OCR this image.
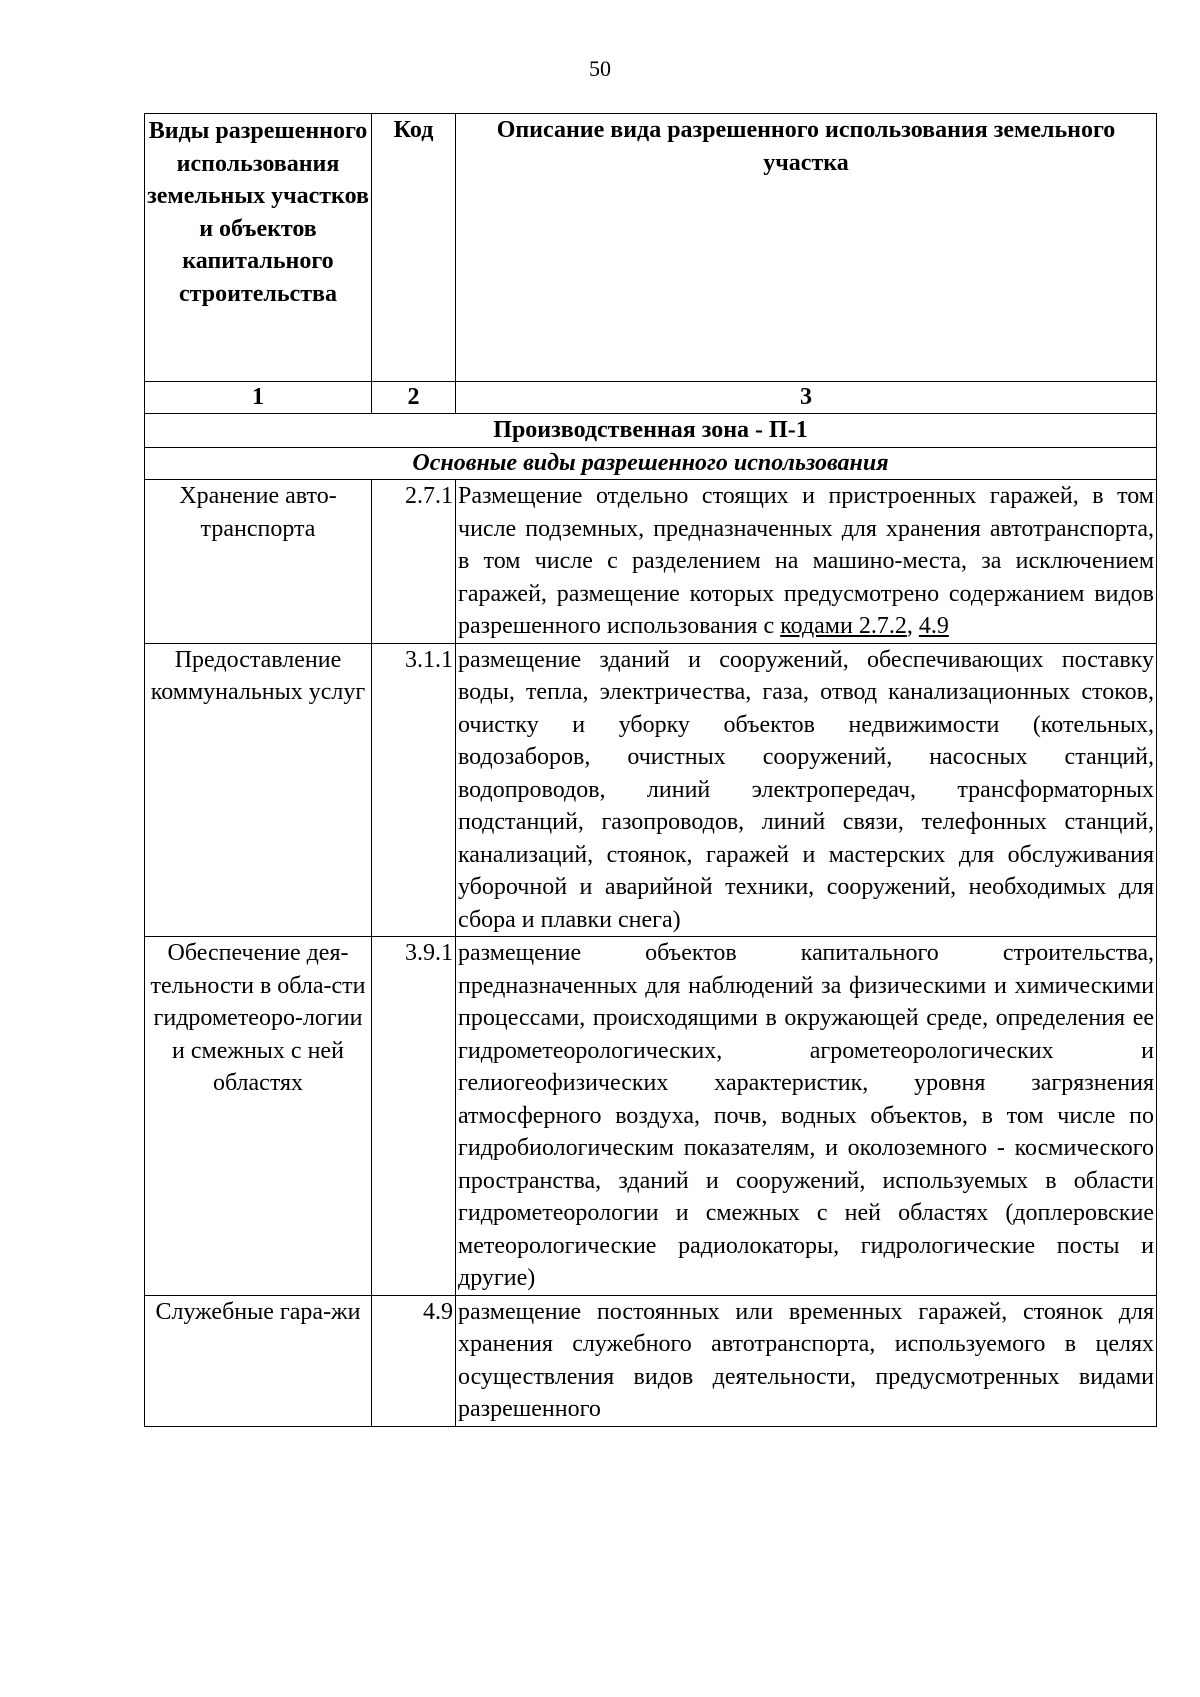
50
Виды разрешенного использования земельных участков и объектов капитального строительства	Код	Описание вида разрешенного использования земельного участка
1	2	3
Производственная зона - П-1		
Основные виды разрешенного использования		
Хранение авто-транспорта	2.7.1	Размещение отдельно стоящих и пристроенных гаражей, в том числе подземных, предназначенных для хранения автотранспорта, в том числе с разделением на машино-места, за исключением гаражей, размещение которых предусмотрено содержанием видов разрешенного использования с кодами 2.7.2, 4.9
Предоставление коммунальных услуг	3.1.1	размещение зданий и сооружений, обеспечивающих поставку воды, тепла, электричества, газа, отвод канализационных стоков, очистку и уборку объектов недвижимости (котельных, водозаборов, очистных сооружений, насосных станций, водопроводов, линий электропередач, трансформаторных подстанций, газопроводов, линий связи, телефонных станций, канализаций, стоянок, гаражей и мастерских для обслуживания уборочной и аварийной техники, сооружений, необходимых для сбора и плавки снега)
Обеспечение дея-тельности в обла-сти гидрометеоро-логии и смежных с ней областях	3.9.1	размещение объектов капитального строительства, предназначенных для наблюдений за физическими и химическими процессами, происходящими в окружающей среде, определения ее гидрометеорологических, агрометеорологических и гелиогеофизических характеристик, уровня загрязнения атмосферного воздуха, почв, водных объектов, в том числе по гидробиологическим показателям, и околоземного - космического пространства, зданий и сооружений, используемых в области гидрометеорологии и смежных с ней областях (доплеровские метеорологические радиолокаторы, гидрологические посты и другие)
Служебные гара-жи	4.9	размещение постоянных или временных гаражей, стоянок для хранения служебного автотранспорта, используемого в целях осуществления видов деятельности, предусмотренных видами разрешенного
